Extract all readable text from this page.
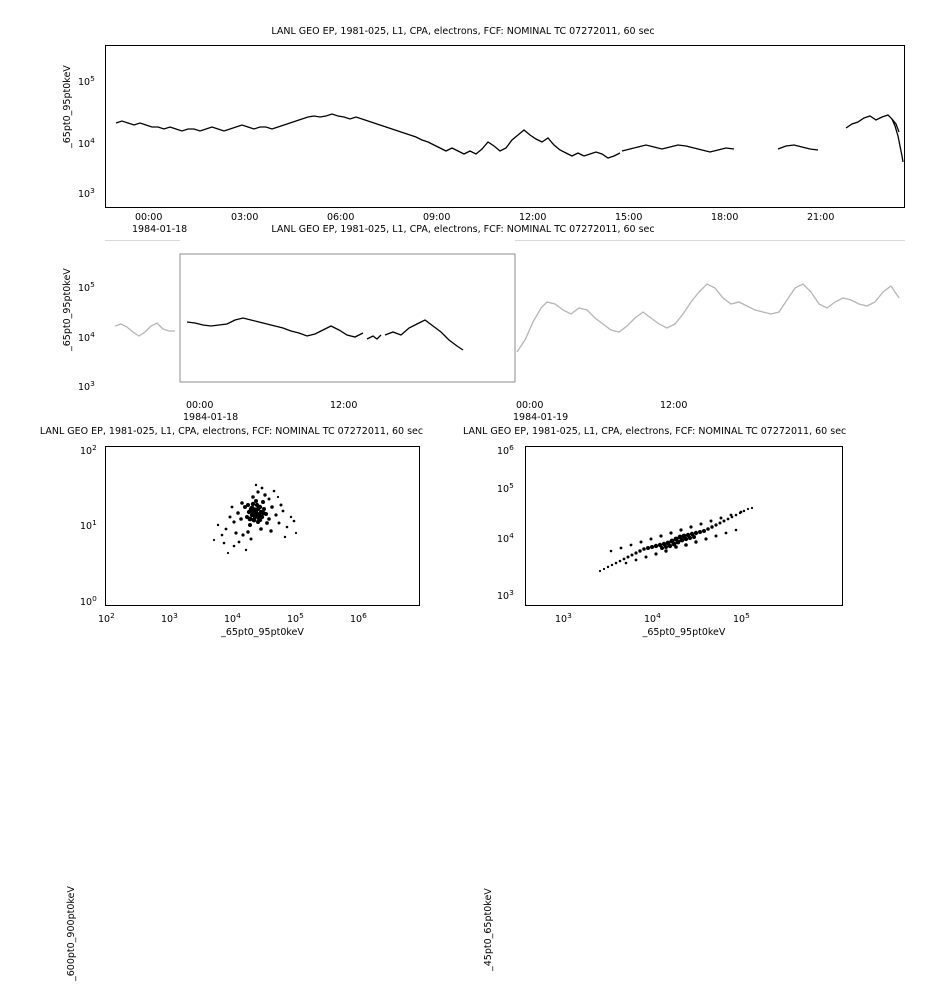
LANL GEO EP, 1981-025, L1, CPA, electrons, FCF: NOMINAL TC 07272011, 60 sec
_65pt0_95pt0keV $10^5$
$10^4$
$10^3$
00:00	03:00	06:00	09:00	12:00	15:00	18:00	21:00
1984-01-18	LANL GEO EP, 1981-025, L1, CPA, electrons, FCF: NOMINAL TC 07272011, 60 sec
_65pt0_95pt0keV $10^5$
$10^4$
$10^3$
00:00	12:00	00:00	12:00
1984-01-18	1984-01-19
LANL GEO EP, 1981-025, L1, CPA, electrons, FCF: NOMINAL TC 07272011, 60 sec
_600pt0_900pt0keV
$10^2$
$10^1$
$10^0$
$10^2$	$10^3$	$10^4$	$10^5$	$10^6$
_65pt0_95pt0keV
LANL GEO EP, 1981-025, L1, CPA, electrons, FCF: NOMINAL TC 07272011, 60 sec
_45pt0_65pt0keV
$10^6$
$10^5$
$10^4$
$10^3$
$10^3$	$10^4$	$10^5$
_65pt0_95pt0keV
